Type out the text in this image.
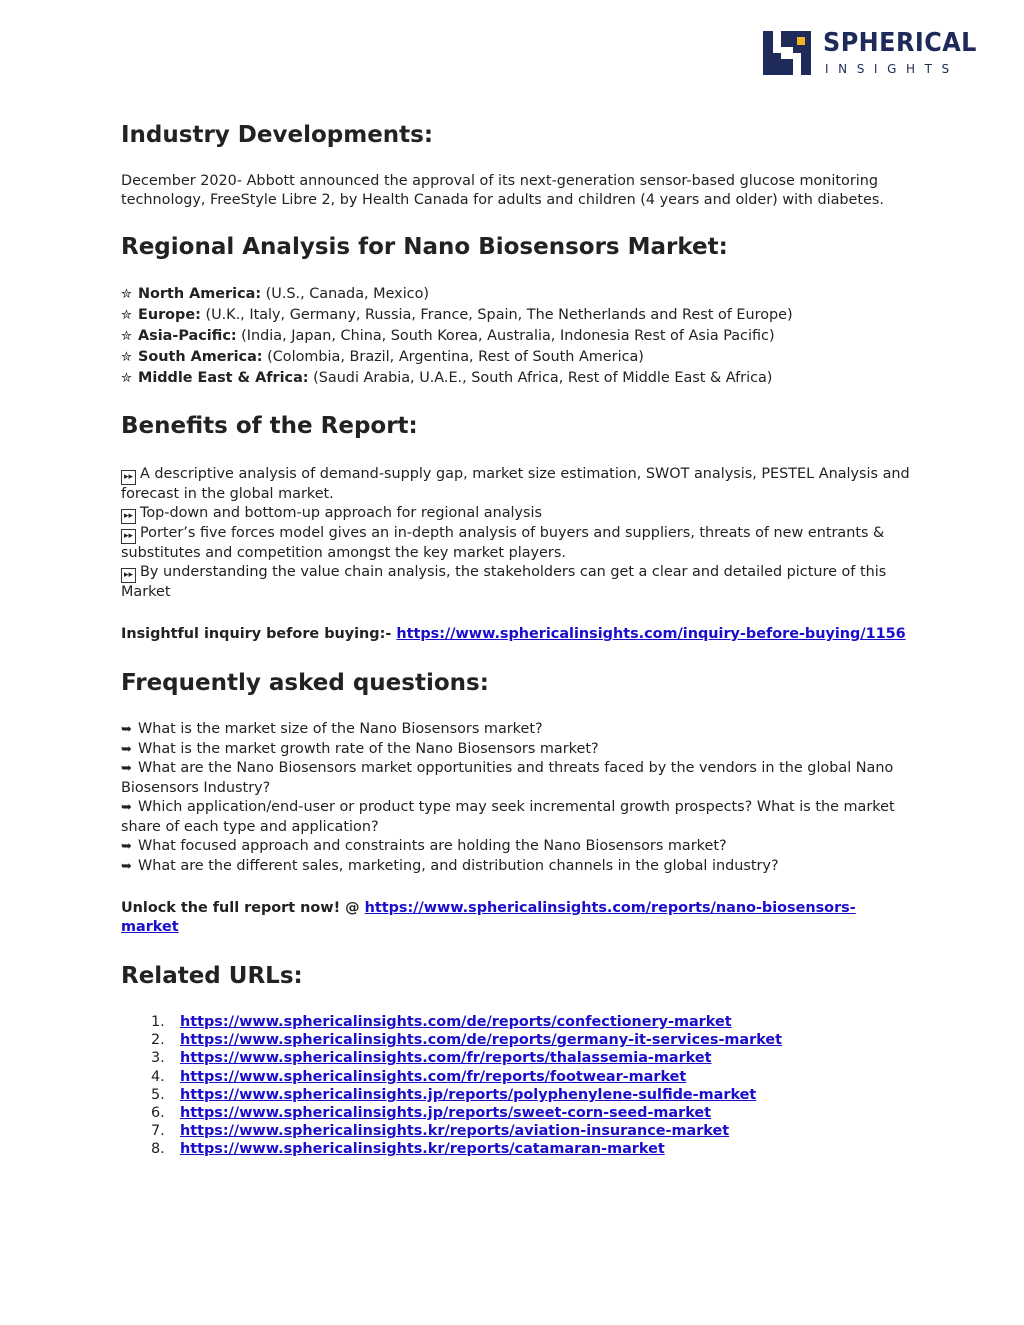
SPHERICAL
INSIGHTS
Industry Developments:

December 2020- Abbott announced the approval of its next-generation sensor-based glucose monitoring technology, FreeStyle Libre 2, by Health Canada for adults and children (4 years and older) with diabetes.

Regional Analysis for Nano Biosensors Market:
✮ North America: (U.S., Canada, Mexico)
✮ Europe: (U.K., Italy, Germany, Russia, France, Spain, The Netherlands and Rest of Europe)
✮ Asia-Pacific: (India, Japan, China, South Korea, Australia, Indonesia Rest of Asia Pacific)
✮ South America: (Colombia, Brazil, Argentina, Rest of South America)
✮ Middle East & Africa: (Saudi Arabia, U.A.E., South Africa, Rest of Middle East & Africa)
Benefits of the Report:
▸▸ A descriptive analysis of demand-supply gap, market size estimation, SWOT analysis, PESTEL Analysis and forecast in the global market.
▸▸ Top-down and bottom-up approach for regional analysis
▸▸ Porter’s five forces model gives an in-depth analysis of buyers and suppliers, threats of new entrants & substitutes and competition amongst the key market players.
▸▸ By understanding the value chain analysis, the stakeholders can get a clear and detailed picture of this Market
Insightful inquiry before buying:- https://www.sphericalinsights.com/inquiry-before-buying/1156
Frequently asked questions:
➥ What is the market size of the Nano Biosensors market?
➥ What is the market growth rate of the Nano Biosensors market?
➥ What are the Nano Biosensors market opportunities and threats faced by the vendors in the global Nano Biosensors Industry?
➥ Which application/end-user or product type may seek incremental growth prospects? What is the market share of each type and application?
➥ What focused approach and constraints are holding the Nano Biosensors market?
➥ What are the different sales, marketing, and distribution channels in the global industry?
Unlock the full report now! @ https://www.sphericalinsights.com/reports/nano-biosensors-market
Related URLs:
1. https://www.sphericalinsights.com/de/reports/confectionery-market
2. https://www.sphericalinsights.com/de/reports/germany-it-services-market
3. https://www.sphericalinsights.com/fr/reports/thalassemia-market
4. https://www.sphericalinsights.com/fr/reports/footwear-market
5. https://www.sphericalinsights.jp/reports/polyphenylene-sulfide-market
6. https://www.sphericalinsights.jp/reports/sweet-corn-seed-market
7. https://www.sphericalinsights.kr/reports/aviation-insurance-market
8. https://www.sphericalinsights.kr/reports/catamaran-market
